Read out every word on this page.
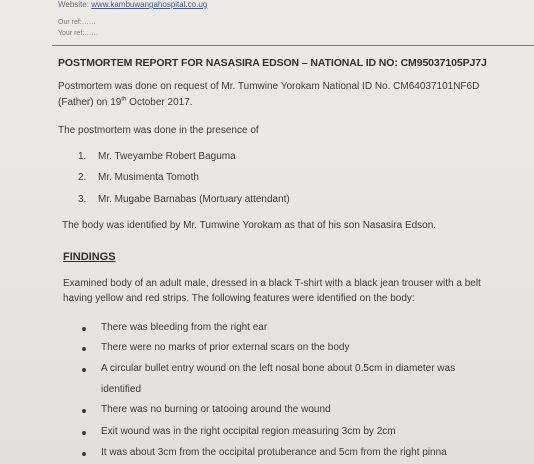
Website: www.kambuwangahospital.co.ug
Our ref:……
Your ref:……
POSTMORTEM REPORT FOR NASASIRA EDSON – NATIONAL ID NO: CM95037105PJ7J
Postmortem was done on request of Mr. Tumwine Yorokam National ID No. CM64037101NF6D
(Father) on 19th October 2017.
The postmortem was done in the presence of
1. Mr. Tweyambe Robert Baguma
2. Mr. Musimenta Tomoth
3. Mr. Mugabe Barnabas (Mortuary attendant)
The body was identified by Mr. Tumwine Yorokam as that of his son Nasasira Edson.
FINDINGS
Examined body of an adult male, dressed in a black T-shirt with a black jean trouser with a belt
having yellow and red strips. The following features were identified on the body:
There was bleeding from the right ear
There were no marks of prior external scars on the body
A circular bullet entry wound on the left nosal bone about 0.5cm in diameter was
identified
There was no burning or tatooing around the wound
Exit wound was in the right occipital region measuring 3cm by 2cm
It was about 3cm from the occipital protuberance and 5cm from the right pinna
